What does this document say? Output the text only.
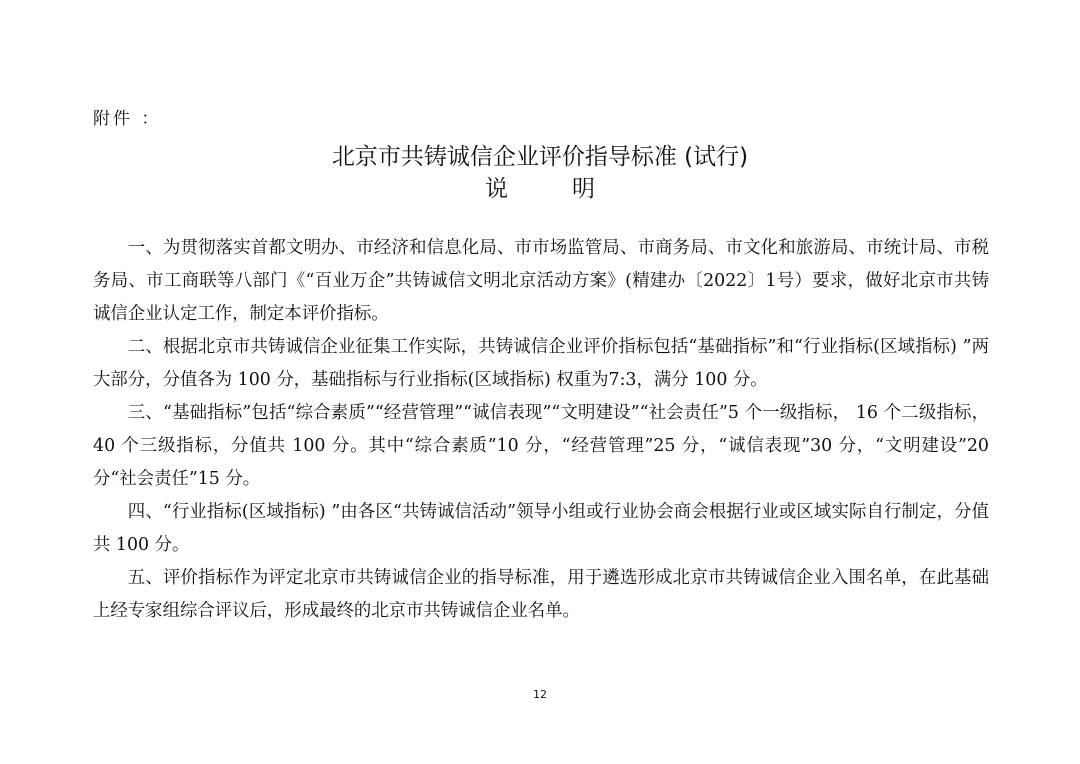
附件 ：
北京市共铸诚信企业评价指导标准 (试行)
说	明

一、为贯彻落实首都文明办、市经济和信息化局、市市场监管局、市商务局、市文化和旅游局、市统计局、市税务局、市工商联等八部门《“百业万企”共铸诚信文明北京活动方案》(精建办〔2022〕1号）要求，做好北京市共铸诚信企业认定工作，制定本评价指标。

二、根据北京市共铸诚信企业征集工作实际，共铸诚信企业评价指标包括“基础指标”和“行业指标(区域指标) ”两大部分，分值各为 100 分，基础指标与行业指标(区域指标) 权重为7:3，满分 100 分。

三、“基础指标”包括“综合素质”“经营管理”“诚信表现”“文明建设”“社会责任”5 个一级指标， 16 个二级指标，40 个三级指标，分值共 100 分。其中“综合素质”10 分，“经营管理”25 分，“诚信表现”30 分，“文明建设”20 分“社会责任”15 分。

四、“行业指标(区域指标) ”由各区“共铸诚信活动”领导小组或行业协会商会根据行业或区域实际自行制定，分值共 100 分。

五、评价指标作为评定北京市共铸诚信企业的指导标准，用于遴选形成北京市共铸诚信企业入围名单，在此基础上经专家组综合评议后，形成最终的北京市共铸诚信企业名单。

12
